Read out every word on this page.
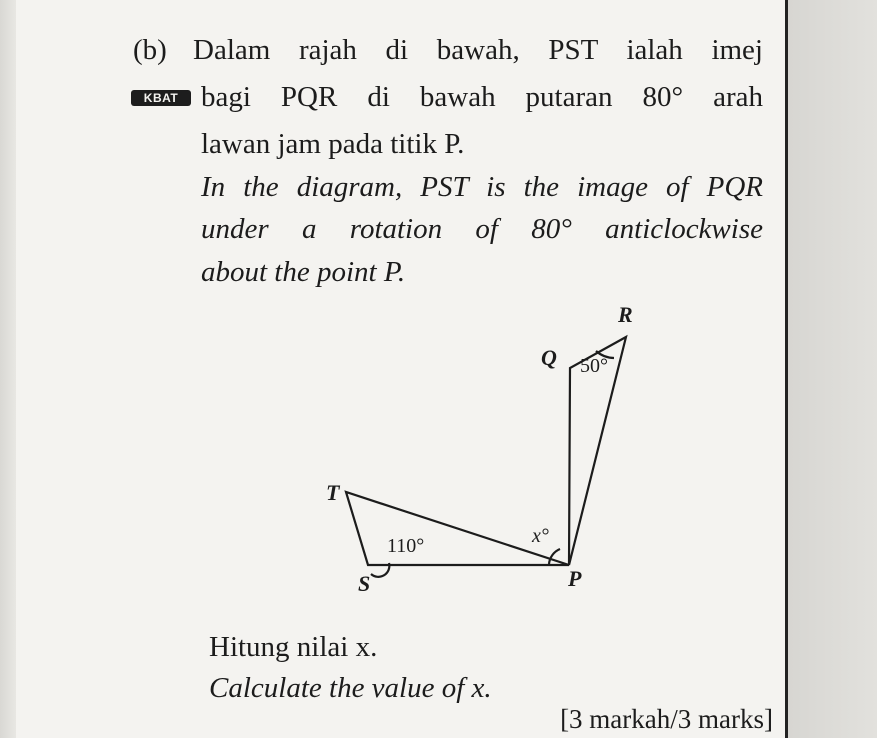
(b) Dalam rajah di bawah, PST ialah imej
KBAT bagi PQR di bawah putaran 80° arah
lawan jam pada titik P.
In the diagram, PST is the image of PQR
under a rotation of 80° anticlockwise
about the point P.
R
Q
T
S	P
50°
110°	x°
Hitung nilai x.
Calculate the value of x.
[3 markah/3 marks]
